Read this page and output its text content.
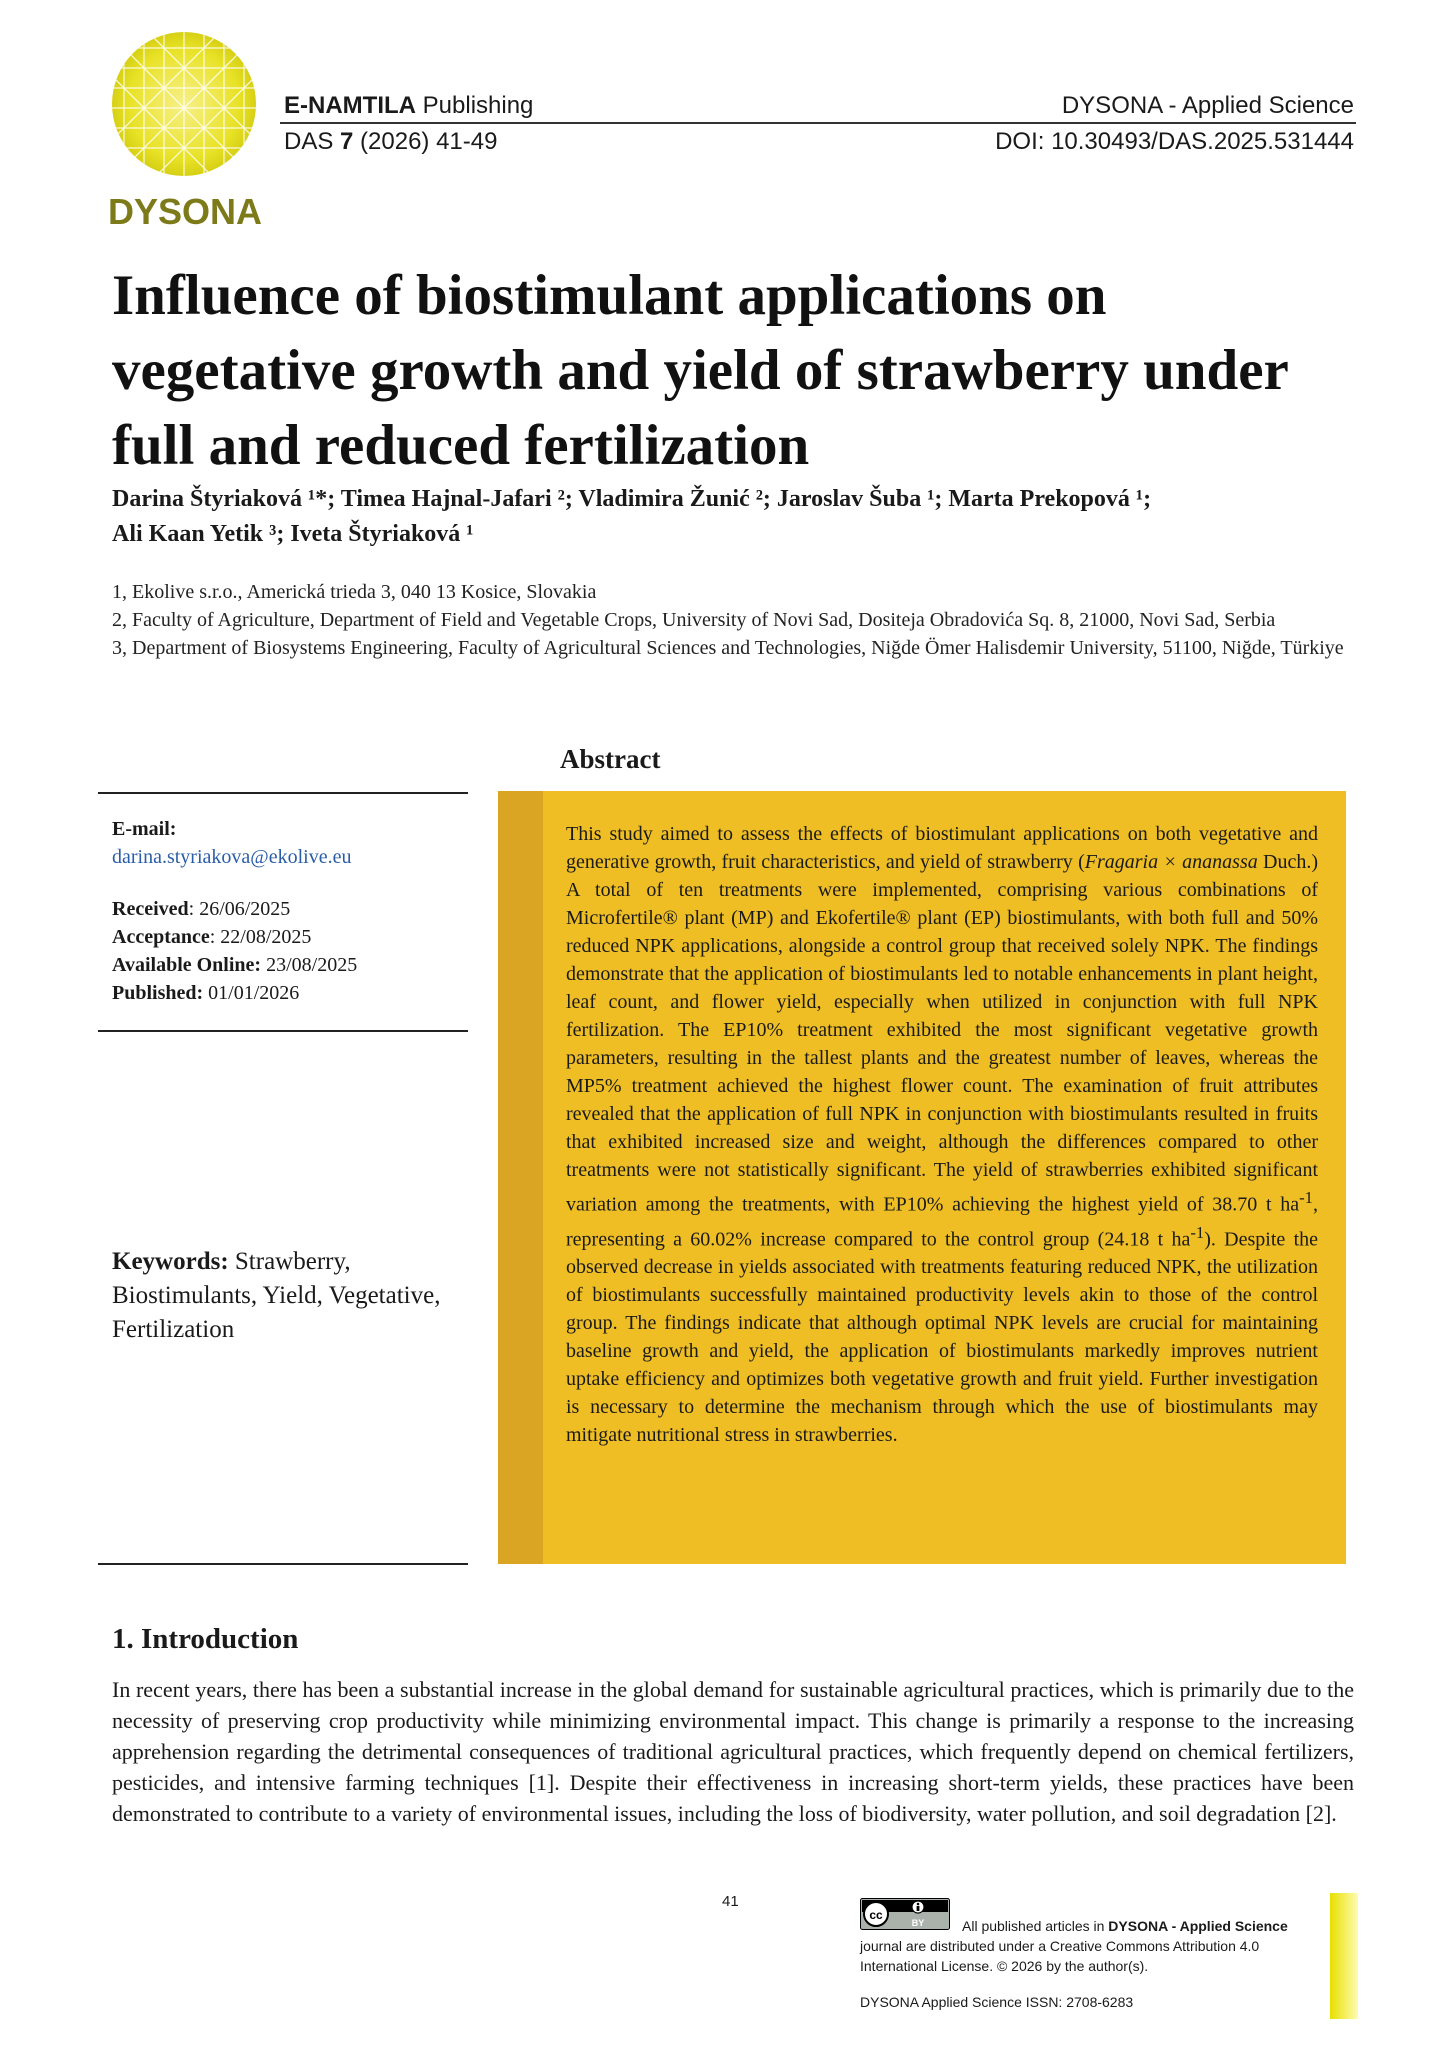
DYSONA
E-NAMTILA Publishing
DAS 7 (2026) 41-49
DYSONA - Applied Science
DOI: 10.30493/DAS.2025.531444
Influence of biostimulant applications on vegetative growth and yield of strawberry under full and reduced fertilization
Darina Štyriaková ¹*; Timea Hajnal-Jafari ²; Vladimira Žunić ²; Jaroslav Šuba ¹; Marta Prekopová ¹;
Ali Kaan Yetik ³; Iveta Štyriaková ¹
1, Ekolive s.r.o., Americká trieda 3, 040 13 Kosice, Slovakia
2, Faculty of Agriculture, Department of Field and Vegetable Crops, University of Novi Sad, Dositeja Obradovića Sq. 8, 21000, Novi Sad, Serbia
3, Department of Biosystems Engineering, Faculty of Agricultural Sciences and Technologies, Niğde Ömer Halisdemir University, 51100, Niğde, Türkiye
Abstract
E-mail:
darina.styriakova@ekolive.eu
Received: 26/06/2025
Acceptance: 22/08/2025
Available Online: 23/08/2025
Published: 01/01/2026
Keywords: Strawberry, Biostimulants, Yield, Vegetative, Fertilization
This study aimed to assess the effects of biostimulant applications on both vegetative and generative growth, fruit characteristics, and yield of strawberry (Fragaria × ananassa Duch.) A total of ten treatments were implemented, comprising various combinations of Microfertile® plant (MP) and Ekofertile® plant (EP) biostimulants, with both full and 50% reduced NPK applications, alongside a control group that received solely NPK. The findings demonstrate that the application of biostimulants led to notable enhancements in plant height, leaf count, and flower yield, especially when utilized in conjunction with full NPK fertilization. The EP10% treatment exhibited the most significant vegetative growth parameters, resulting in the tallest plants and the greatest number of leaves, whereas the MP5% treatment achieved the highest flower count. The examination of fruit attributes revealed that the application of full NPK in conjunction with biostimulants resulted in fruits that exhibited increased size and weight, although the differences compared to other treatments were not statistically significant. The yield of strawberries exhibited significant variation among the treatments, with EP10% achieving the highest yield of 38.70 t $ha^{-1}$, representing a 60.02% increase compared to the control group (24.18 t $ha^{-1}$). Despite the observed decrease in yields associated with treatments featuring reduced NPK, the utilization of biostimulants successfully maintained productivity levels akin to those of the control group. The findings indicate that although optimal NPK levels are crucial for maintaining baseline growth and yield, the application of biostimulants markedly improves nutrient uptake efficiency and optimizes both vegetative growth and fruit yield. Further investigation is necessary to determine the mechanism through which the use of biostimulants may mitigate nutritional stress in strawberries.
1. Introduction
In recent years, there has been a substantial increase in the global demand for sustainable agricultural practices, which is primarily due to the necessity of preserving crop productivity while minimizing environmental impact. This change is primarily a response to the increasing apprehension regarding the detrimental consequences of traditional agricultural practices, which frequently depend on chemical fertilizers, pesticides, and intensive farming techniques [1]. Despite their effectiveness in increasing short-term yields, these practices have been demonstrated to contribute to a variety of environmental issues, including the loss of biodiversity, water pollution, and soil degradation [2].
41
cc
BY	All published articles in DYSONA - Applied Science
journal are distributed under a Creative Commons Attribution 4.0
International License. © 2026 by the author(s).
DYSONA Applied Science ISSN: 2708-6283
